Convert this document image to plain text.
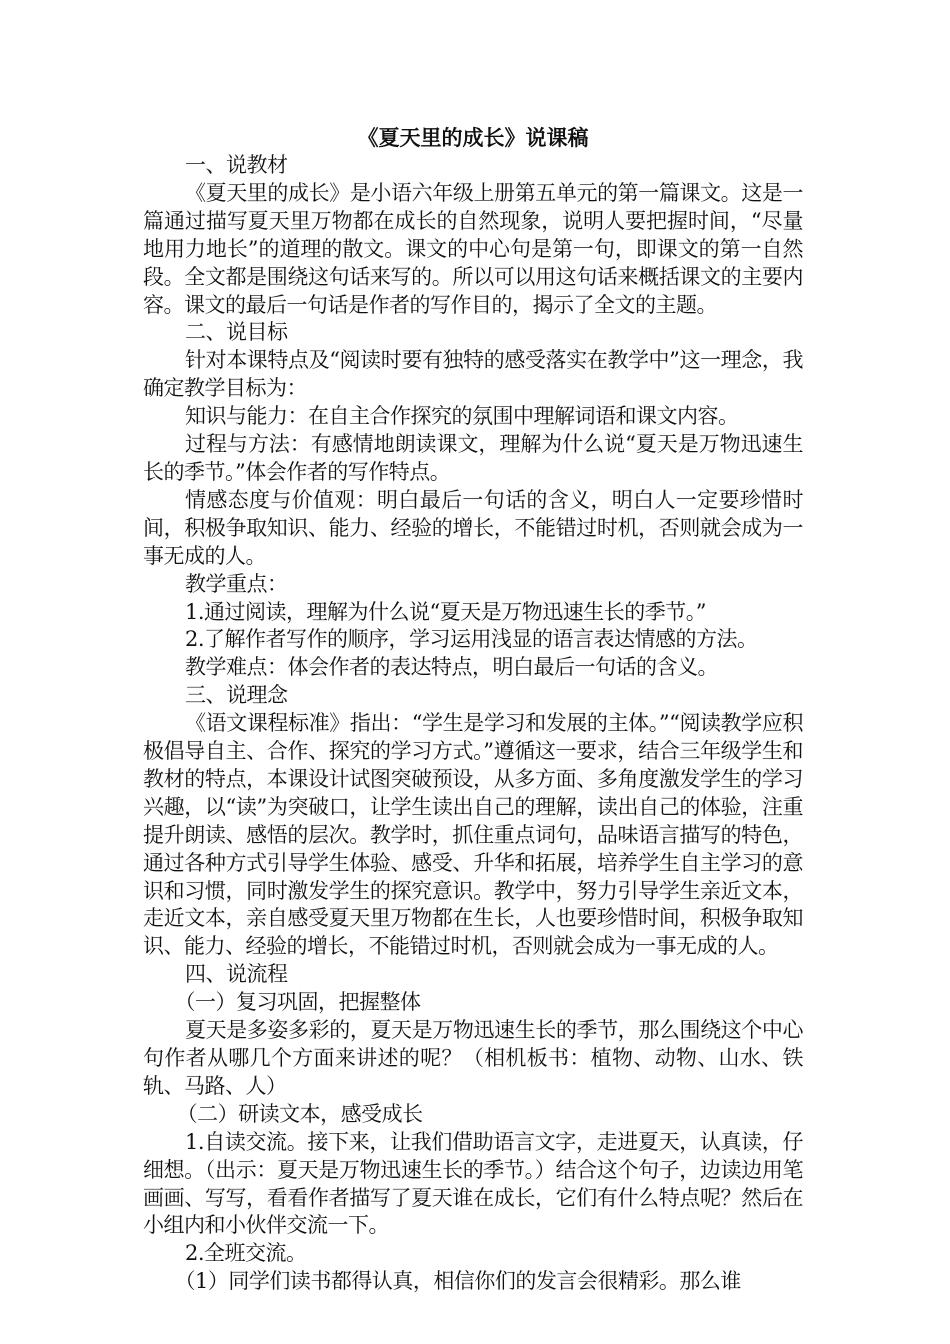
《夏天里的成长》说课稿
一、说教材
《夏天里的成长》是小语六年级上册第五单元的第一篇课文。这是一篇通过描写夏天里万物都在成长的自然现象，说明人要把握时间，“尽量地用力地长”的道理的散文。课文的中心句是第一句，即课文的第一自然段。全文都是围绕这句话来写的。所以可以用这句话来概括课文的主要内容。课文的最后一句话是作者的写作目的，揭示了全文的主题。
二、说目标
针对本课特点及“阅读时要有独特的感受落实在教学中”这一理念，我确定教学目标为：
知识与能力：在自主合作探究的氛围中理解词语和课文内容。
过程与方法：有感情地朗读课文，理解为什么说“夏天是万物迅速生长的季节。”体会作者的写作特点。
情感态度与价值观：明白最后一句话的含义，明白人一定要珍惜时间，积极争取知识、能力、经验的增长，不能错过时机，否则就会成为一事无成的人。
教学重点：
1.通过阅读，理解为什么说“夏天是万物迅速生长的季节。”
2.了解作者写作的顺序，学习运用浅显的语言表达情感的方法。
教学难点：体会作者的表达特点，明白最后一句话的含义。
三、说理念
《语文课程标准》指出：“学生是学习和发展的主体。”“阅读教学应积极倡导自主、合作、探究的学习方式。”遵循这一要求，结合三年级学生和教材的特点，本课设计试图突破预设，从多方面、多角度激发学生的学习兴趣，以“读”为突破口，让学生读出自己的理解，读出自己的体验，注重提升朗读、感悟的层次。教学时，抓住重点词句，品味语言描写的特色，通过各种方式引导学生体验、感受、升华和拓展，培养学生自主学习的意识和习惯，同时激发学生的探究意识。教学中，努力引导学生亲近文本，走近文本，亲自感受夏天里万物都在生长，人也要珍惜时间，积极争取知识、能力、经验的增长，不能错过时机，否则就会成为一事无成的人。
四、说流程
（一）复习巩固，把握整体
夏天是多姿多彩的，夏天是万物迅速生长的季节，那么围绕这个中心句作者从哪几个方面来讲述的呢？（相机板书：植物、动物、山水、铁轨、马路、人）
（二）研读文本，感受成长
1.自读交流。接下来，让我们借助语言文字，走进夏天，认真读，仔细想。（出示：夏天是万物迅速生长的季节。）结合这个句子，边读边用笔画画、写写，看看作者描写了夏天谁在成长，它们有什么特点呢？然后在小组内和小伙伴交流一下。
2.全班交流。
（1）同学们读书都得认真，相信你们的发言会很精彩。那么谁
